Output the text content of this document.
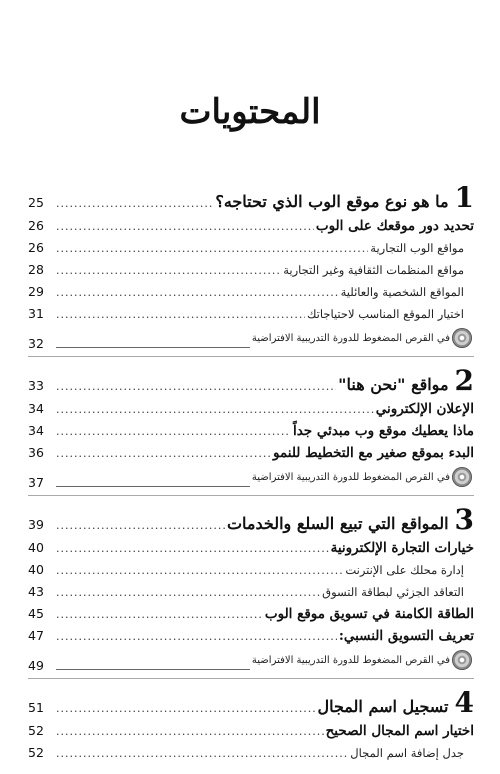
المحتويات
1
ما هو نوع موقع الوب الذي تحتاجه؟
.....
25
تحديد دور موقعك على الوب
.....
26
مواقع الوب التجارية
.....
26
مواقع المنظمات الثقافية وغير التجارية
.....
28
المواقع الشخصية والعائلية
.....
29
اختيار الموقع المناسب لاحتياجاتك
.....
31
في القرص المضغوط للدورة التدريبية الافتراضية
32
2
مواقع "نحن هنا"
.....
33
الإعلان الإلكتروني
.....
34
ماذا يعطيك موقع وب مبدئي جداً
.....
34
البدء بموقع صغير مع التخطيط للنمو
.....
36
في القرص المضغوط للدورة التدريبية الافتراضية
37
3
المواقع التي تبيع السلع والخدمات
.....
39
خيارات التجارة الإلكترونية
.....
40
إدارة محلك على الإنترنت
.....
40
التعاقد الجزئي لبطاقة التسوق
.....
43
الطاقة الكامنة في تسويق موقع الوب
.....
45
تعريف التسويق النسبي:
.....
47
في القرص المضغوط للدورة التدريبية الافتراضية
49
4
تسجيل اسم المجال
.....
51
اختيار اسم المجال الصحيح
.....
52
جدل إضافة اسم المجال
.....
52
